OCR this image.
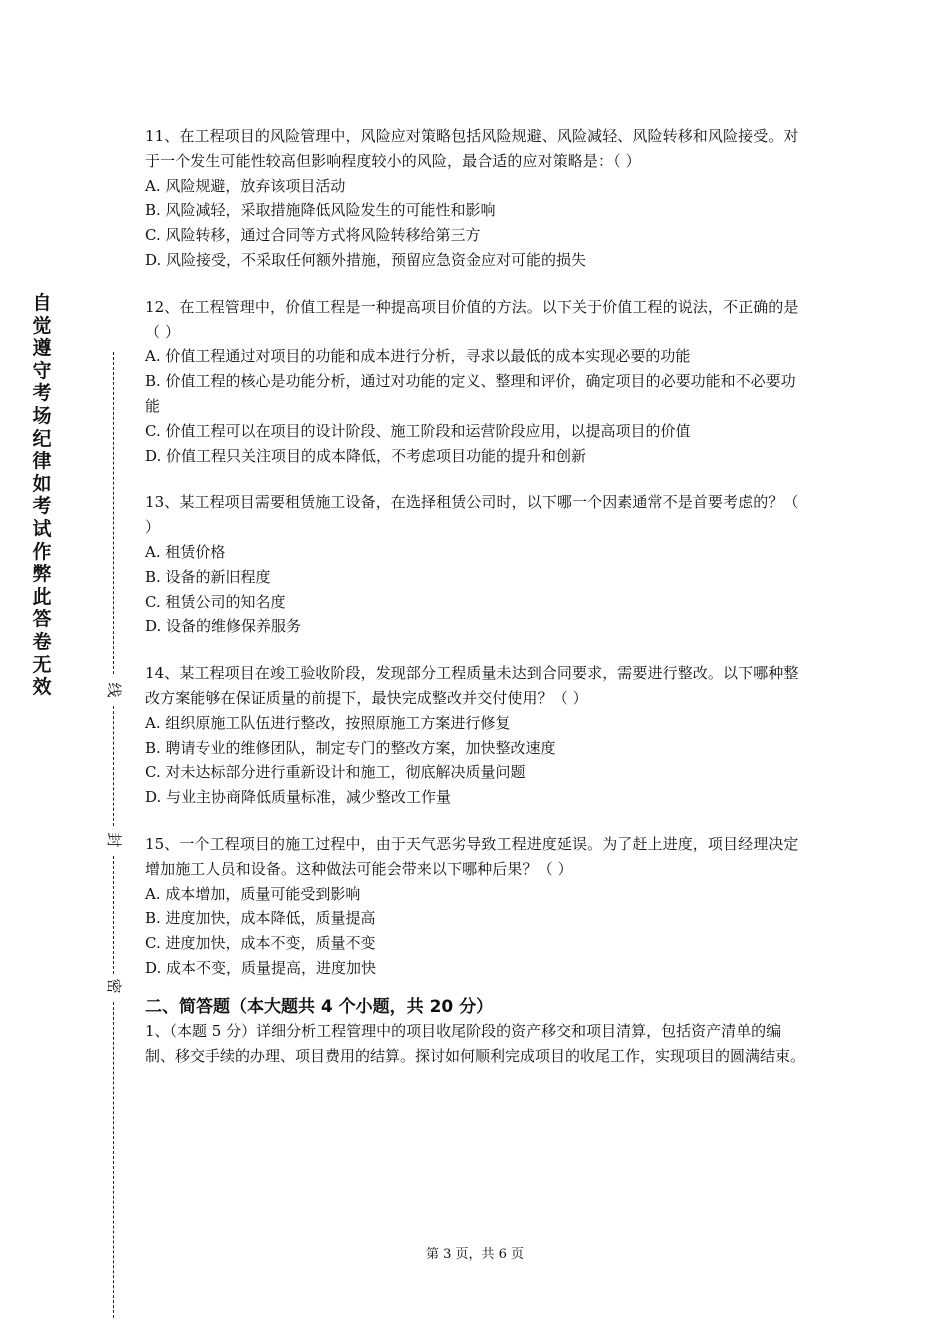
自觉遵守考场纪律如考试作弊此答卷无效	线
封
密
11、在工程项目的风险管理中，风险应对策略包括风险规避、风险减轻、风险转移和风险接受。对于一个发生可能性较高但影响程度较小的风险，最合适的应对策略是：（ ）
A. 风险规避，放弃该项目活动
B. 风险减轻，采取措施降低风险发生的可能性和影响
C. 风险转移，通过合同等方式将风险转移给第三方
D. 风险接受，不采取任何额外措施，预留应急资金应对可能的损失
12、在工程管理中，价值工程是一种提高项目价值的方法。以下关于价值工程的说法，不正确的是（ ）
A. 价值工程通过对项目的功能和成本进行分析，寻求以最低的成本实现必要的功能
B. 价值工程的核心是功能分析，通过对功能的定义、整理和评价，确定项目的必要功能和不必要功能
C. 价值工程可以在项目的设计阶段、施工阶段和运营阶段应用，以提高项目的价值
D. 价值工程只关注项目的成本降低，不考虑项目功能的提升和创新
13、某工程项目需要租赁施工设备，在选择租赁公司时，以下哪一个因素通常不是首要考虑的？（ ）
A. 租赁价格
B. 设备的新旧程度
C. 租赁公司的知名度
D. 设备的维修保养服务
14、某工程项目在竣工验收阶段，发现部分工程质量未达到合同要求，需要进行整改。以下哪种整改方案能够在保证质量的前提下，最快完成整改并交付使用？（ ）
A. 组织原施工队伍进行整改，按照原施工方案进行修复
B. 聘请专业的维修团队，制定专门的整改方案，加快整改速度
C. 对未达标部分进行重新设计和施工，彻底解决质量问题
D. 与业主协商降低质量标准，减少整改工作量
15、一个工程项目的施工过程中，由于天气恶劣导致工程进度延误。为了赶上进度，项目经理决定增加施工人员和设备。这种做法可能会带来以下哪种后果？（ ）
A. 成本增加，质量可能受到影响
B. 进度加快，成本降低，质量提高
C. 进度加快，成本不变，质量不变
D. 成本不变，质量提高，进度加快
二、简答题（本大题共 4 个小题，共 20 分）
1、（本题 5 分）详细分析工程管理中的项目收尾阶段的资产移交和项目清算，包括资产清单的编制、移交手续的办理、项目费用的结算。探讨如何顺利完成项目的收尾工作，实现项目的圆满结束。
第 3 页，共 6 页
